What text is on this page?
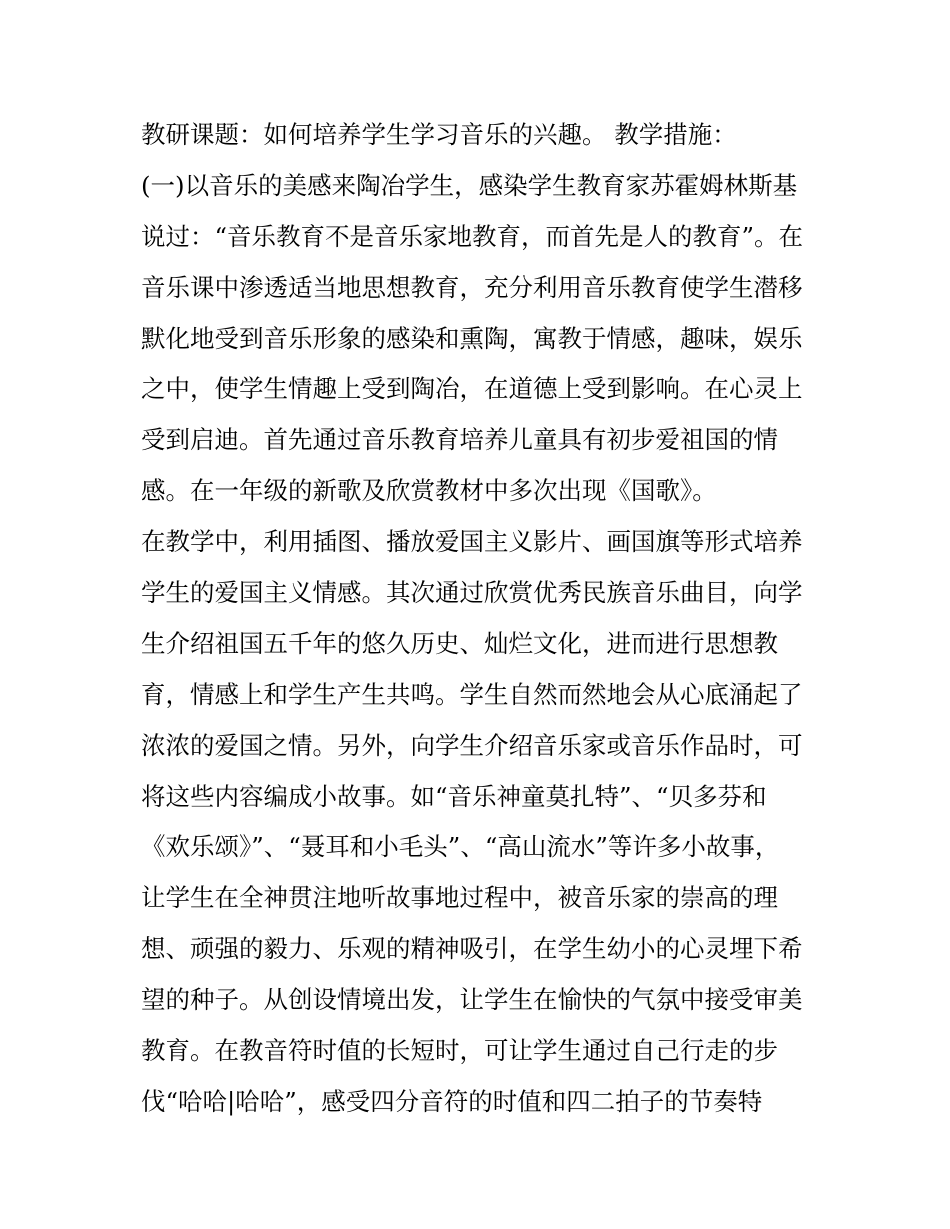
教研课题：如何培养学生学习音乐的兴趣。 教学措施：
(一)以音乐的美感来陶冶学生，感染学生教育家苏霍姆林斯基
说过：“音乐教育不是音乐家地教育，而首先是人的教育”。在
音乐课中渗透适当地思想教育，充分利用音乐教育使学生潜移
默化地受到音乐形象的感染和熏陶，寓教于情感，趣味，娱乐
之中，使学生情趣上受到陶冶，在道德上受到影响。在心灵上
受到启迪。首先通过音乐教育培养儿童具有初步爱祖国的情
感。在一年级的新歌及欣赏教材中多次出现《国歌》。
在教学中，利用插图、播放爱国主义影片、画国旗等形式培养
学生的爱国主义情感。其次通过欣赏优秀民族音乐曲目，向学
生介绍祖国五千年的悠久历史、灿烂文化，进而进行思想教
育，情感上和学生产生共鸣。学生自然而然地会从心底涌起了
浓浓的爱国之情。另外，向学生介绍音乐家或音乐作品时，可
将这些内容编成小故事。如“音乐神童莫扎特”、“贝多芬和
《欢乐颂》”、“聂耳和小毛头”、“高山流水”等许多小故事，
让学生在全神贯注地听故事地过程中，被音乐家的崇高的理
想、顽强的毅力、乐观的精神吸引，在学生幼小的心灵埋下希
望的种子。从创设情境出发，让学生在愉快的气氛中接受审美
教育。在教音符时值的长短时，可让学生通过自己行走的步
伐“哈哈|哈哈”，感受四分音符的时值和四二拍子的节奏特
